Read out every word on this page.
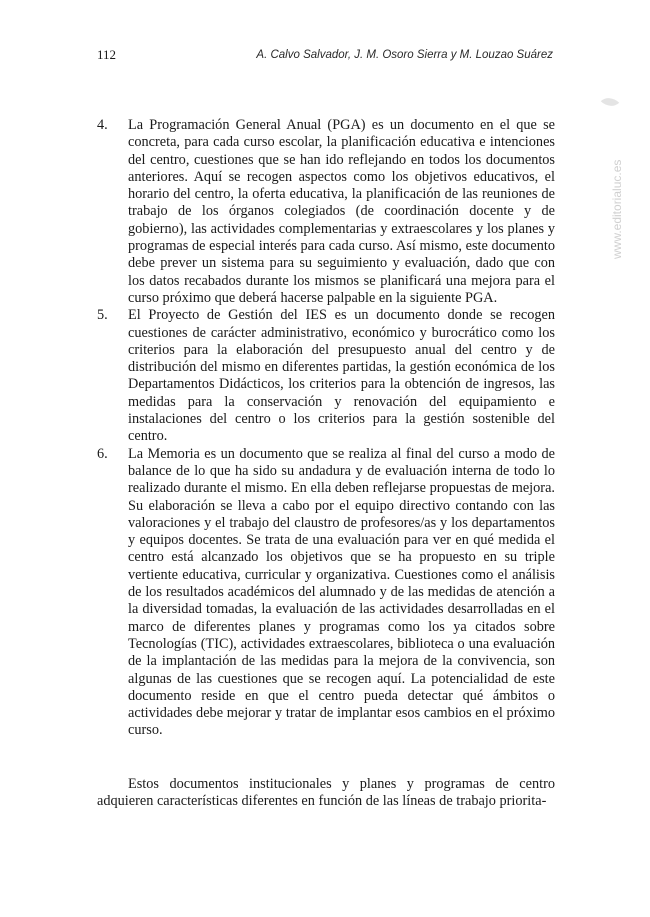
112	A. Calvo Salvador, J. M. Osoro Sierra y M. Louzao Suárez
www.editorialuc.es
4. La Programación General Anual (PGA) es un documento en el que se concreta, para cada curso escolar, la planificación educativa e intenciones del centro, cuestiones que se han ido reflejando en todos los documentos anteriores. Aquí se recogen aspectos como los objetivos educativos, el horario del centro, la oferta educativa, la planificación de las reuniones de trabajo de los órganos colegiados (de coordinación docente y de gobierno), las actividades complementarias y extraescolares y los planes y programas de especial interés para cada curso. Así mismo, este documento debe prever un sistema para su seguimiento y evaluación, dado que con los datos recabados durante los mismos se planificará una mejora para el curso próximo que deberá hacerse palpable en la siguiente PGA.
5. El Proyecto de Gestión del IES es un documento donde se recogen cuestiones de carácter administrativo, económico y burocrático como los criterios para la elaboración del presupuesto anual del centro y de distribución del mismo en diferentes partidas, la gestión económica de los Departamentos Didácticos, los criterios para la obtención de ingresos, las medidas para la conservación y renovación del equipamiento e instalaciones del centro o los criterios para la gestión sostenible del centro.
6. La Memoria es un documento que se realiza al final del curso a modo de balance de lo que ha sido su andadura y de evaluación interna de todo lo realizado durante el mismo. En ella deben reflejarse propuestas de mejora. Su elaboración se lleva a cabo por el equipo directivo contando con las valoraciones y el trabajo del claustro de profesores/as y los departamentos y equipos docentes. Se trata de una evaluación para ver en qué medida el centro está alcanzado los objetivos que se ha propuesto en su triple vertiente educativa, curricular y organizativa. Cuestiones como el análisis de los resultados académicos del alumnado y de las medidas de atención a la diversidad tomadas, la evaluación de las actividades desarrolladas en el marco de diferentes planes y programas como los ya citados sobre Tecnologías (TIC), actividades extraescolares, biblioteca o una evaluación de la implantación de las medidas para la mejora de la convivencia, son algunas de las cuestiones que se recogen aquí. La potencialidad de este documento reside en que el centro pueda detectar qué ámbitos o actividades debe mejorar y tratar de implantar esos cambios en el próximo curso.

Estos documentos institucionales y planes y programas de centro adquieren características diferentes en función de las líneas de trabajo priorita-
